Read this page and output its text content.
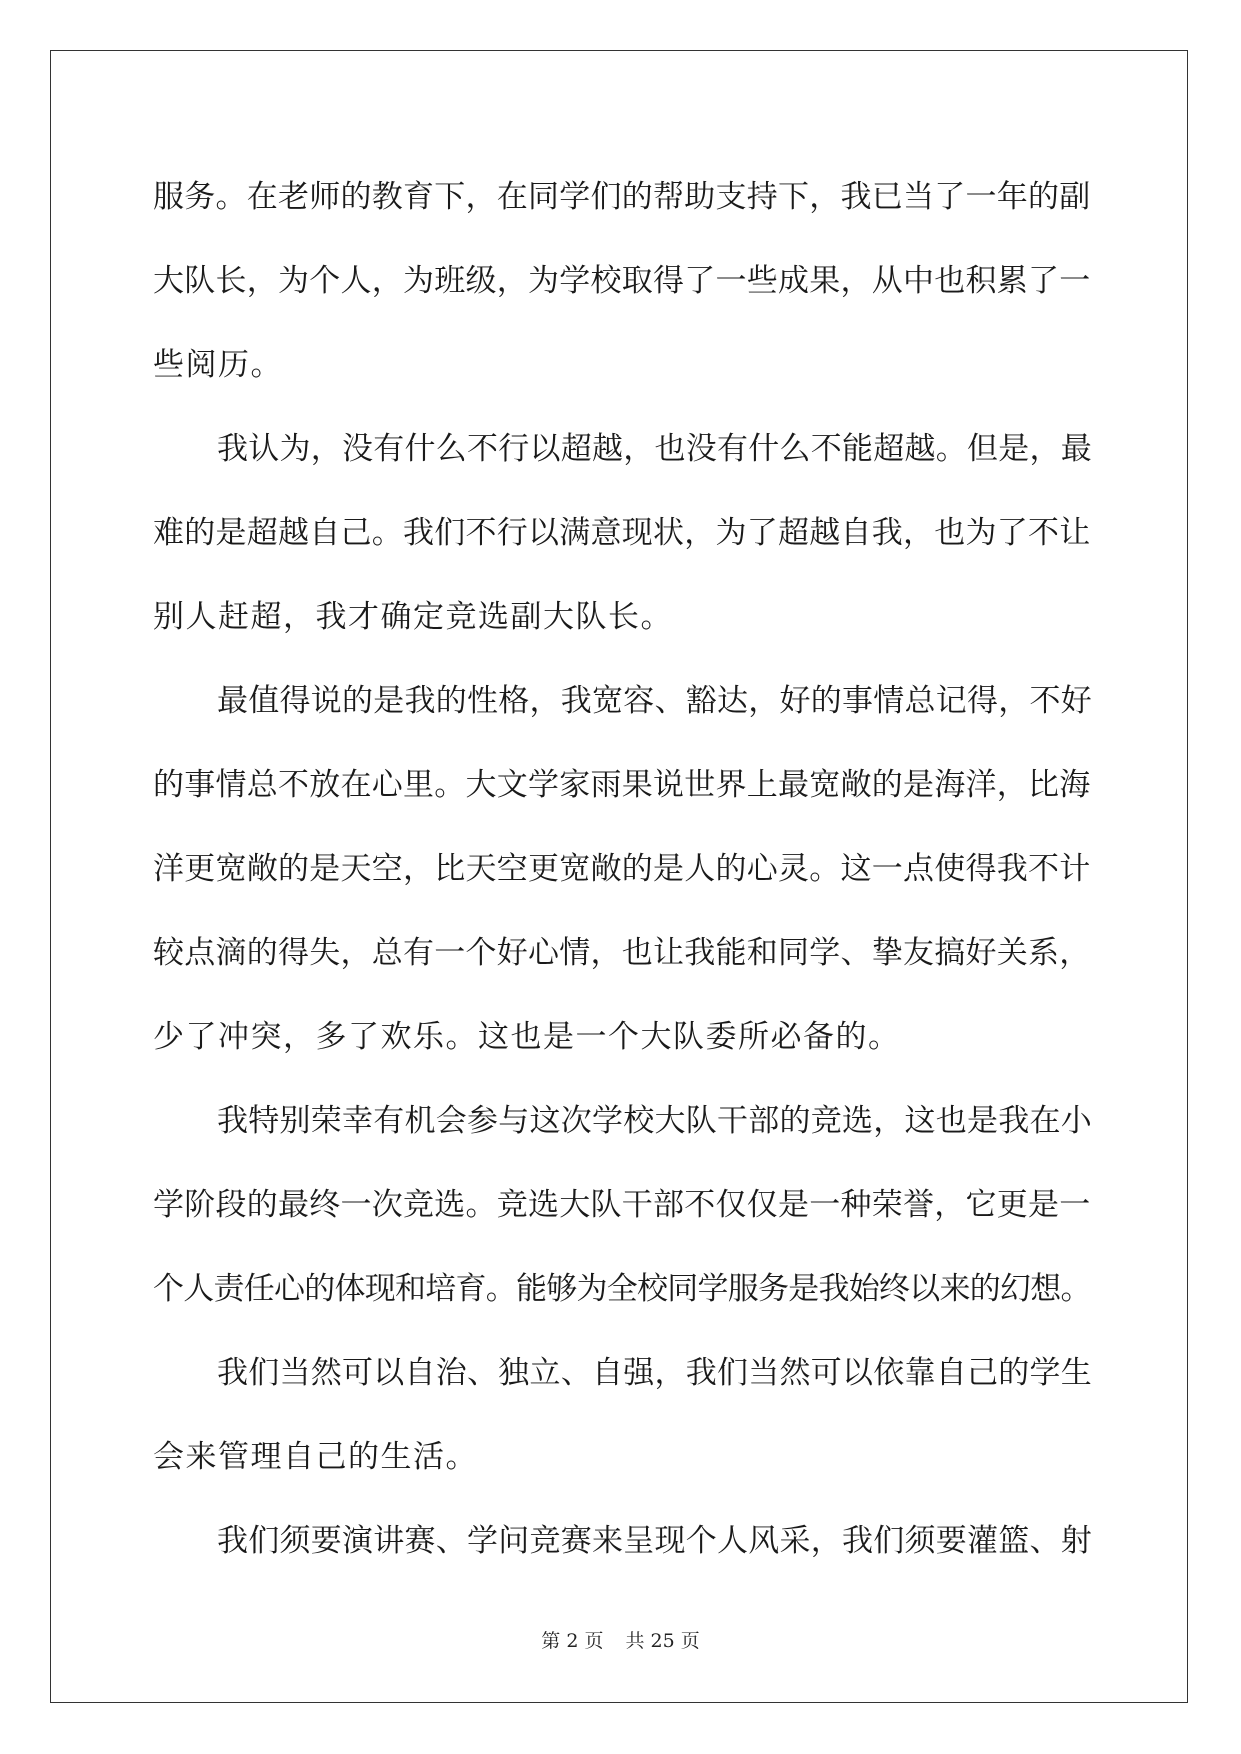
服务。在老师的教育下，在同学们的帮助支持下，我已当了一年的副
大队长，为个人，为班级，为学校取得了一些成果，从中也积累了一
些阅历。
我认为，没有什么不行以超越，也没有什么不能超越。但是，最
难的是超越自己。我们不行以满意现状，为了超越自我，也为了不让
别人赶超，我才确定竞选副大队长。
最值得说的是我的性格，我宽容、豁达，好的事情总记得，不好
的事情总不放在心里。大文学家雨果说世界上最宽敞的是海洋，比海
洋更宽敞的是天空，比天空更宽敞的是人的心灵。这一点使得我不计
较点滴的得失，总有一个好心情，也让我能和同学、挚友搞好关系，
少了冲突，多了欢乐。这也是一个大队委所必备的。
我特别荣幸有机会参与这次学校大队干部的竞选，这也是我在小
学阶段的最终一次竞选。竞选大队干部不仅仅是一种荣誉，它更是一
个人责任心的体现和培育。能够为全校同学服务是我始终以来的幻想。
我们当然可以自治、独立、自强，我们当然可以依靠自己的学生
会来管理自己的生活。
我们须要演讲赛、学问竞赛来呈现个人风采，我们须要灌篮、射
第 2 页 共 25 页
